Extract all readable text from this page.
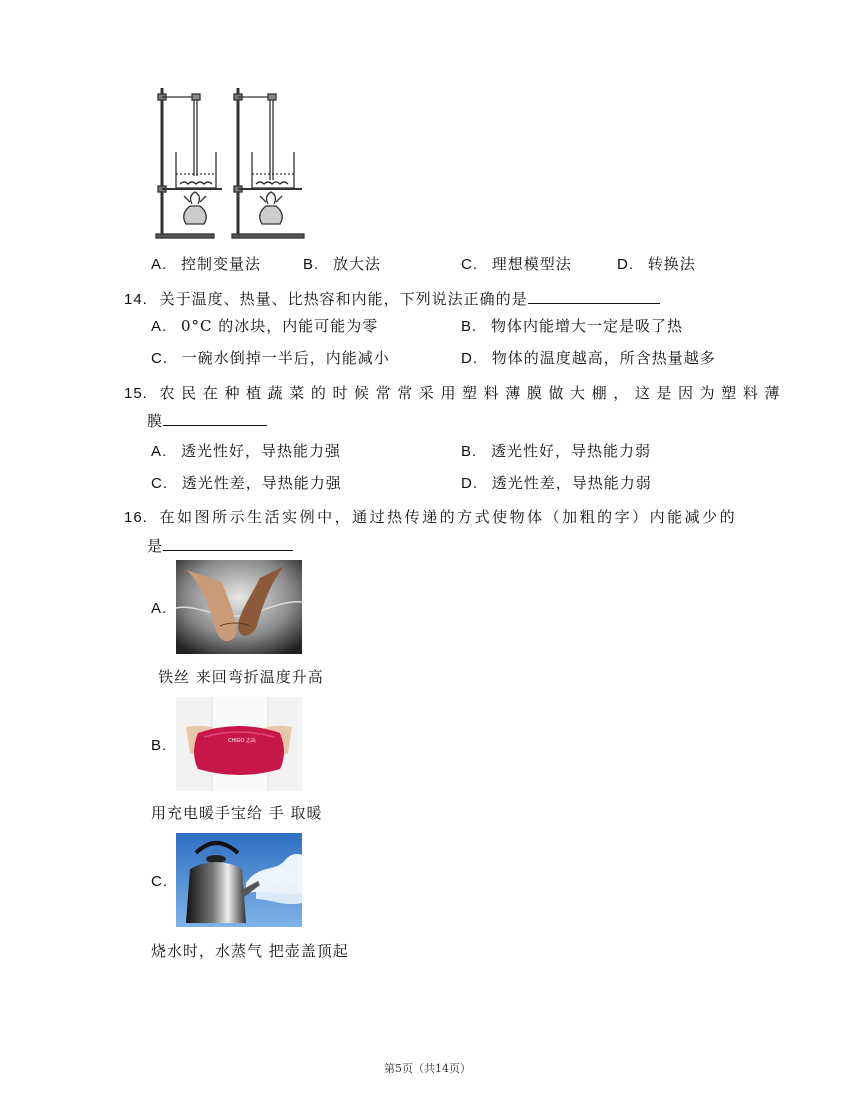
A. 控制变量法	B. 放大法	C. 理想模型法	D. 转换法
14. 关于温度、热量、比热容和内能，下列说法正确的是
A. 0°C 的冰块，内能可能为零	B. 物体内能增大一定是吸了热
C. 一碗水倒掉一半后，内能减小	D. 物体的温度越高，所含热量越多
15. 农民在种植蔬菜的时候常常采用塑料薄膜做大棚，这是因为塑料薄
膜
A. 透光性好，导热能力强	B. 透光性好，导热能力弱
C. 透光性差，导热能力强	D. 透光性差，导热能力弱
16. 在如图所示生活实例中，通过热传递的方式使物体（加粗的字）内能减少的
是
A.
铁丝 来回弯折温度升高
B.	CHIGO 志高
用充电暖手宝给 手 取暖
C.
烧水时，水蒸气 把壶盖顶起
第5页（共14页）
